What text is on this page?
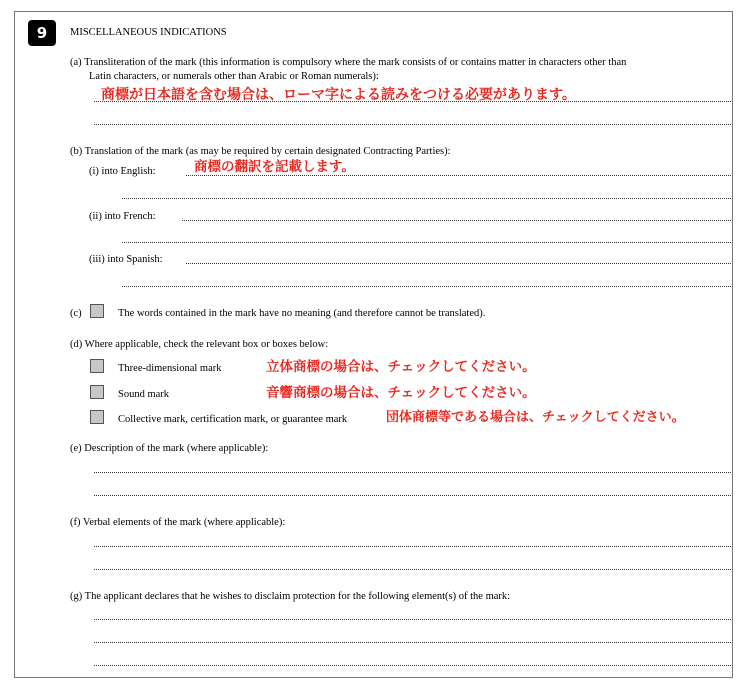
9	MISCELLANEOUS INDICATIONS
(a) Transliteration of the mark (this information is compulsory where the mark consists of or contains matter in characters other than
Latin characters, or numerals other than Arabic or Roman numerals):
商標が日本語を含む場合は、ローマ字による読みをつける必要があります。
(b) Translation of the mark (as may be required by certain designated Contracting Parties):
(i) into English:	商標の翻訳を記載します。
(ii) into French:
(iii) into Spanish:
(c)	The words contained in the mark have no meaning (and therefore cannot be translated).
(d) Where applicable, check the relevant box or boxes below:
Three-dimensional mark	立体商標の場合は、チェックしてください。
Sound mark	音響商標の場合は、チェックしてください。
Collective mark, certification mark, or guarantee mark	団体商標等である場合は、チェックしてください。
(e) Description of the mark (where applicable):
(f) Verbal elements of the mark (where applicable):
(g) The applicant declares that he wishes to disclaim protection for the following element(s) of the mark:
